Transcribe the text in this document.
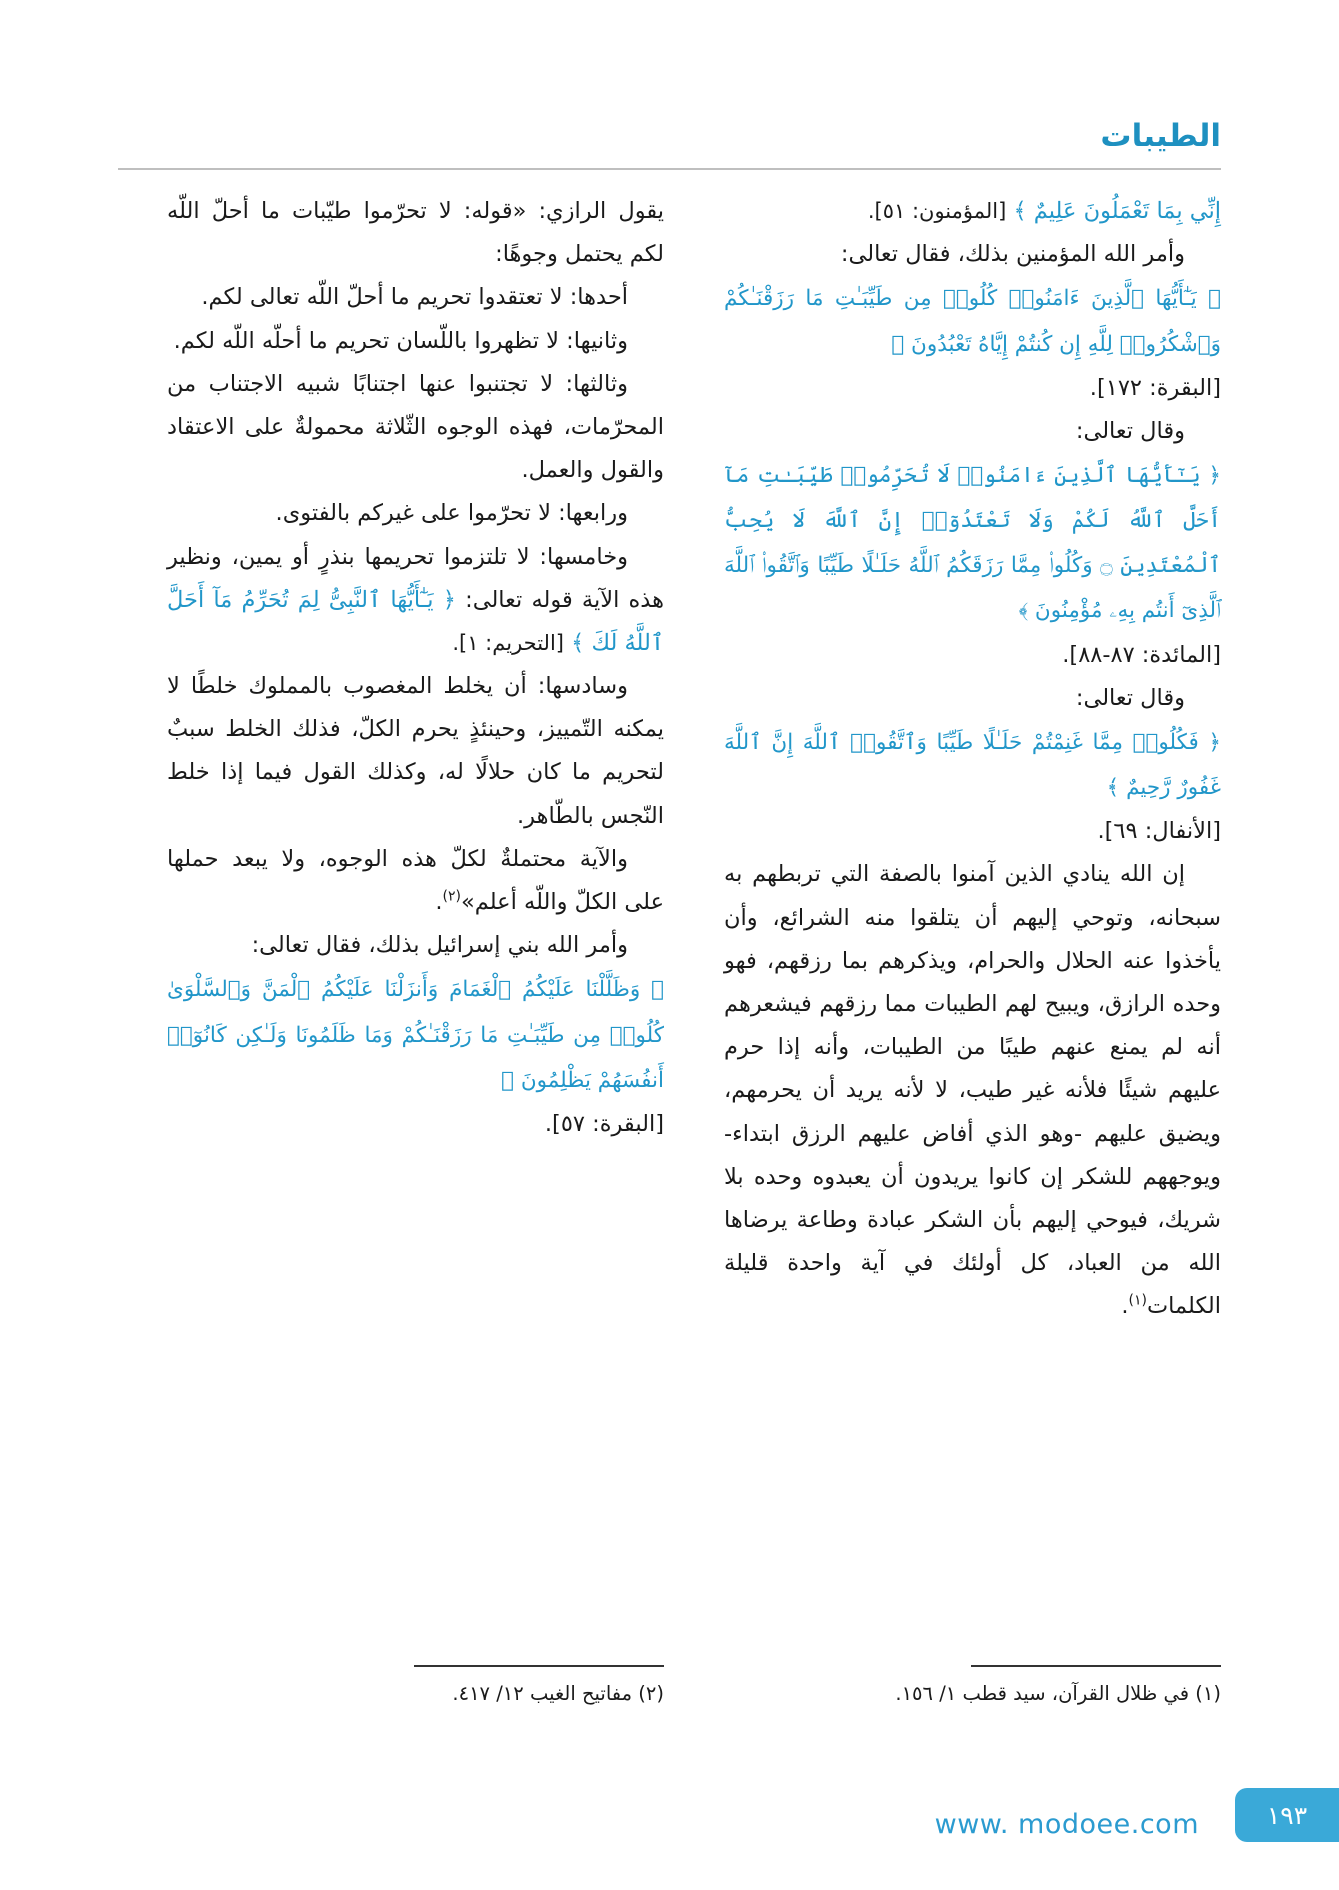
الطيبات

إِنِّي بِمَا تَعْمَلُونَ عَلِيمٌ ﴾ [المؤمنون: ٥١].

وأمر الله المؤمنين بذلك، فقال تعالى:

﴿ يَـٰٓأَيُّهَا ٱلَّذِينَ ءَامَنُوا۟ كُلُوا۟ مِن طَيِّبَـٰتِ مَا رَزَقْنَـٰكُمْ وَٱشْكُرُوا۟ لِلَّهِ إِن كُنتُمْ إِيَّاهُ تَعْبُدُونَ ﴾

[البقرة: ١٧٢].

وقال تعالى:

﴿ يَـٰٓأَيُّهَا ٱلَّذِينَ ءَامَنُوا۟ لَا تُحَرِّمُوا۟ طَيِّبَـٰتِ مَآ أَحَلَّ ٱللَّهُ لَكُمْ وَلَا تَعْتَدُوٓا۟ إِنَّ ٱللَّهَ لَا يُحِبُّ ٱلْمُعْتَدِينَ ۝ وَكُلُوا۟ مِمَّا رَزَقَكُمُ ٱللَّهُ حَلَـٰلًا طَيِّبًا وَٱتَّقُوا۟ ٱللَّهَ ٱلَّذِىٓ أَنتُم بِهِۦ مُؤْمِنُونَ ﴾

[المائدة: ٨٧-٨٨].

وقال تعالى:

﴿ فَكُلُوا۟ مِمَّا غَنِمْتُمْ حَلَـٰلًا طَيِّبًا وَٱتَّقُوا۟ ٱللَّهَ إِنَّ ٱللَّهَ غَفُورٌ رَّحِيمٌ ﴾

[الأنفال: ٦٩].

إن الله ينادي الذين آمنوا بالصفة التي تربطهم به سبحانه، وتوحي إليهم أن يتلقوا منه الشرائع، وأن يأخذوا عنه الحلال والحرام، ويذكرهم بما رزقهم، فهو وحده الرازق، ويبيح لهم الطيبات مما رزقهم فيشعرهم أنه لم يمنع عنهم طيبًا من الطيبات، وأنه إذا حرم عليهم شيئًا فلأنه غير طيب، لا لأنه يريد أن يحرمهم، ويضيق عليهم -وهو الذي أفاض عليهم الرزق ابتداء- ويوجههم للشكر إن كانوا يريدون أن يعبدوه وحده بلا شريك، فيوحي إليهم بأن الشكر عبادة وطاعة يرضاها الله من العباد، كل أولئك في آية واحدة قليلة الكلمات$^{(١)}$.

(١) في ظلال القرآن، سيد قطب ١/ ١٥٦.

يقول الرازي: «قوله: لا تحرّموا طيّبات ما أحلّ اللّه لكم يحتمل وجوهًا:

أحدها: لا تعتقدوا تحريم ما أحلّ اللّه تعالى لكم.

وثانيها: لا تظهروا باللّسان تحريم ما أحلّه اللّه لكم.

وثالثها: لا تجتنبوا عنها اجتنابًا شبيه الاجتناب من المحرّمات، فهذه الوجوه الثّلاثة محمولةٌ على الاعتقاد والقول والعمل.

ورابعها: لا تحرّموا على غيركم بالفتوى.

وخامسها: لا تلتزموا تحريمها بنذرٍ أو يمين، ونظير هذه الآية قوله تعالى: ﴿ يَـٰٓأَيُّهَا ٱلنَّبِىُّ لِمَ تُحَرِّمُ مَآ أَحَلَّ ٱللَّهُ لَكَ ﴾ [التحريم: ١].

وسادسها: أن يخلط المغصوب بالمملوك خلطًا لا يمكنه التّمييز، وحينئذٍ يحرم الكلّ، فذلك الخلط سببٌ لتحريم ما كان حلالًا له، وكذلك القول فيما إذا خلط النّجس بالطّاهر.

والآية محتملةٌ لكلّ هذه الوجوه، ولا يبعد حملها على الكلّ واللّه أعلم»$^{(٢)}$.

وأمر الله بني إسرائيل بذلك، فقال تعالى:

﴿ وَظَلَّلْنَا عَلَيْكُمُ ٱلْغَمَامَ وَأَنزَلْنَا عَلَيْكُمُ ٱلْمَنَّ وَٱلسَّلْوَىٰ كُلُوا۟ مِن طَيِّبَـٰتِ مَا رَزَقْنَـٰكُمْ وَمَا ظَلَمُونَا وَلَـٰكِن كَانُوٓا۟ أَنفُسَهُمْ يَظْلِمُونَ ﴾

[البقرة: ٥٧].

(٢) مفاتيح الغيب ١٢/ ٤١٧.
١٩٣
www. modoee.com
